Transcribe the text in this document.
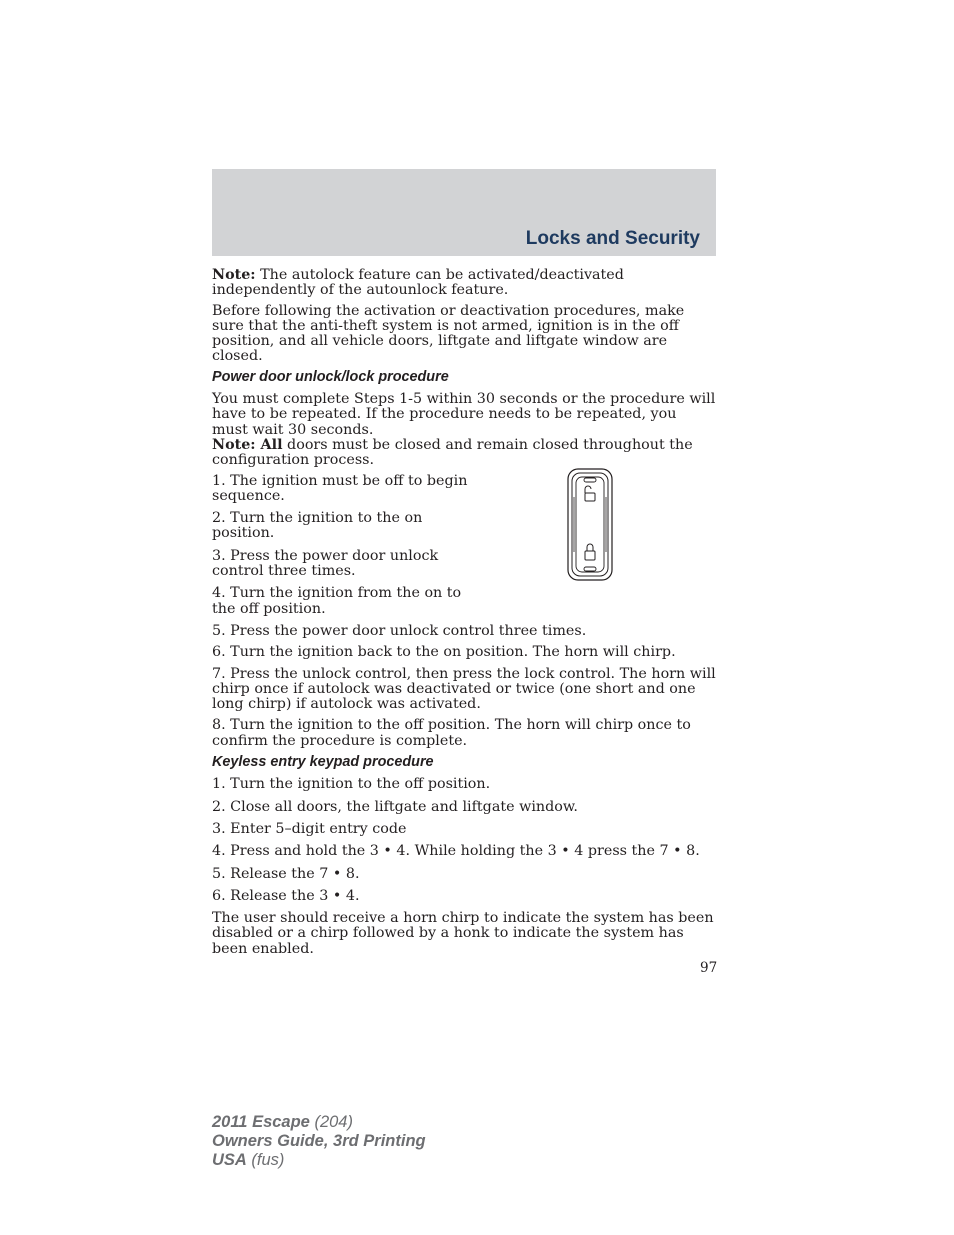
Locks and Security

Note: The autolock feature can be activated/deactivated independently of the autounlock feature.

Before following the activation or deactivation procedures, make sure that the anti-theft system is not armed, ignition is in the off position, and all vehicle doors, liftgate and liftgate window are closed.

Power door unlock/lock procedure

You must complete Steps 1-5 within 30 seconds or the procedure will have to be repeated. If the procedure needs to be repeated, you must wait 30 seconds.

Note: All doors must be closed and remain closed throughout the configuration process.

1. The ignition must be off to begin sequence.

2. Turn the ignition to the on position.

3. Press the power door unlock control three times.

4. Turn the ignition from the on to the off position.

5. Press the power door unlock control three times.

6. Turn the ignition back to the on position. The horn will chirp.

7. Press the unlock control, then press the lock control. The horn will chirp once if autolock was deactivated or twice (one short and one long chirp) if autolock was activated.

8. Turn the ignition to the off position. The horn will chirp once to confirm the procedure is complete.

Keyless entry keypad procedure

1. Turn the ignition to the off position.

2. Close all doors, the liftgate and liftgate window.

3. Enter 5–digit entry code

4. Press and hold the 3 • 4. While holding the 3 • 4 press the 7 • 8.

5. Release the 7 • 8.

6. Release the 3 • 4.

The user should receive a horn chirp to indicate the system has been disabled or a chirp followed by a honk to indicate the system has been enabled.

97
2011 Escape (204)
Owners Guide, 3rd Printing
USA (fus)
